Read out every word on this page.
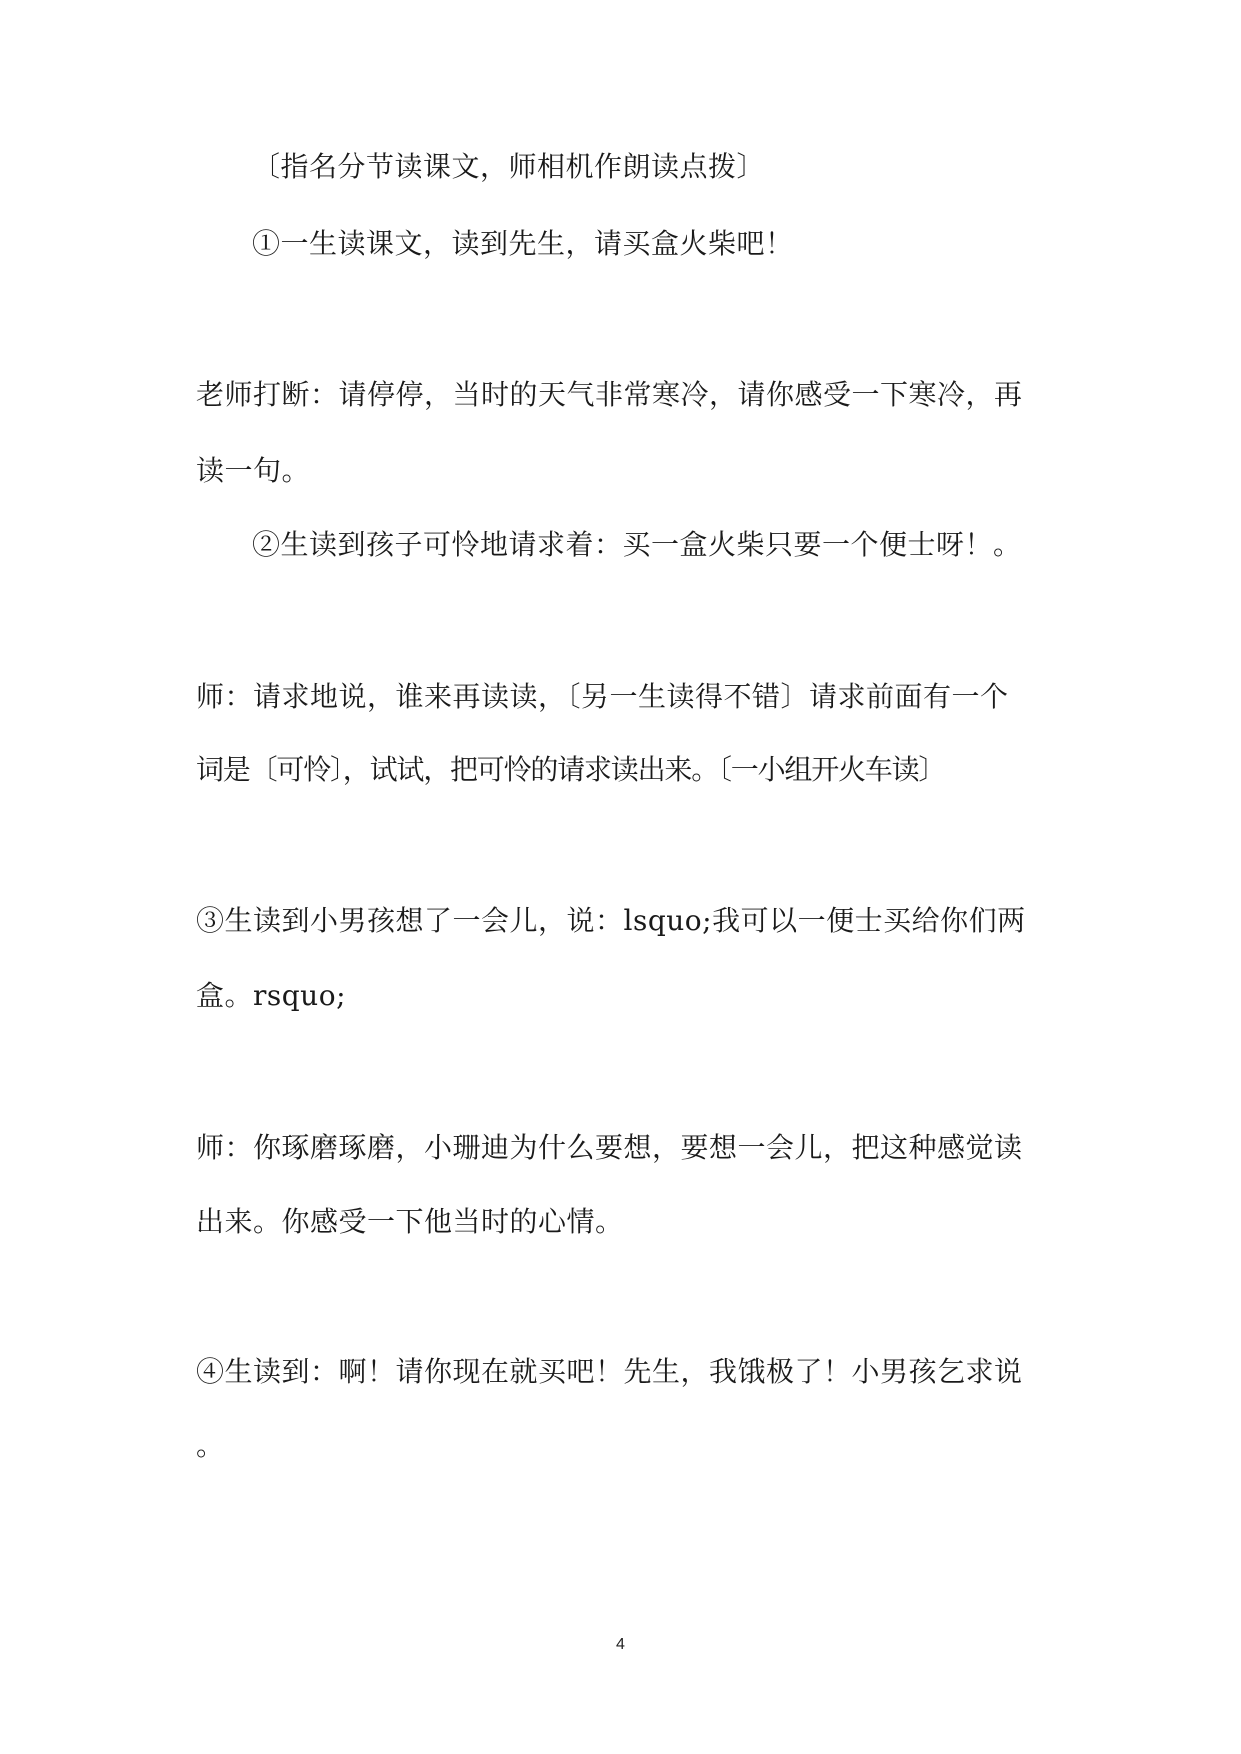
〔指名分节读课文，师相机作朗读点拨〕
①一生读课文，读到先生，请买盒火柴吧！
老师打断：请停停，当时的天气非常寒冷，请你感受一下寒冷，再
读一句。
②生读到孩子可怜地请求着：买一盒火柴只要一个便士呀！。
师：请求地说，谁来再读读，〔另一生读得不错〕请求前面有一个
词是〔可怜〕，试试，把可怜的请求读出来。〔一小组开火车读〕
③生读到小男孩想了一会儿，说：lsquo;我可以一便士买给你们两
盒。rsquo;
师：你琢磨琢磨，小珊迪为什么要想，要想一会儿，把这种感觉读
出来。你感受一下他当时的心情。
④生读到：啊！请你现在就买吧！先生，我饿极了！小男孩乞求说
。
4
